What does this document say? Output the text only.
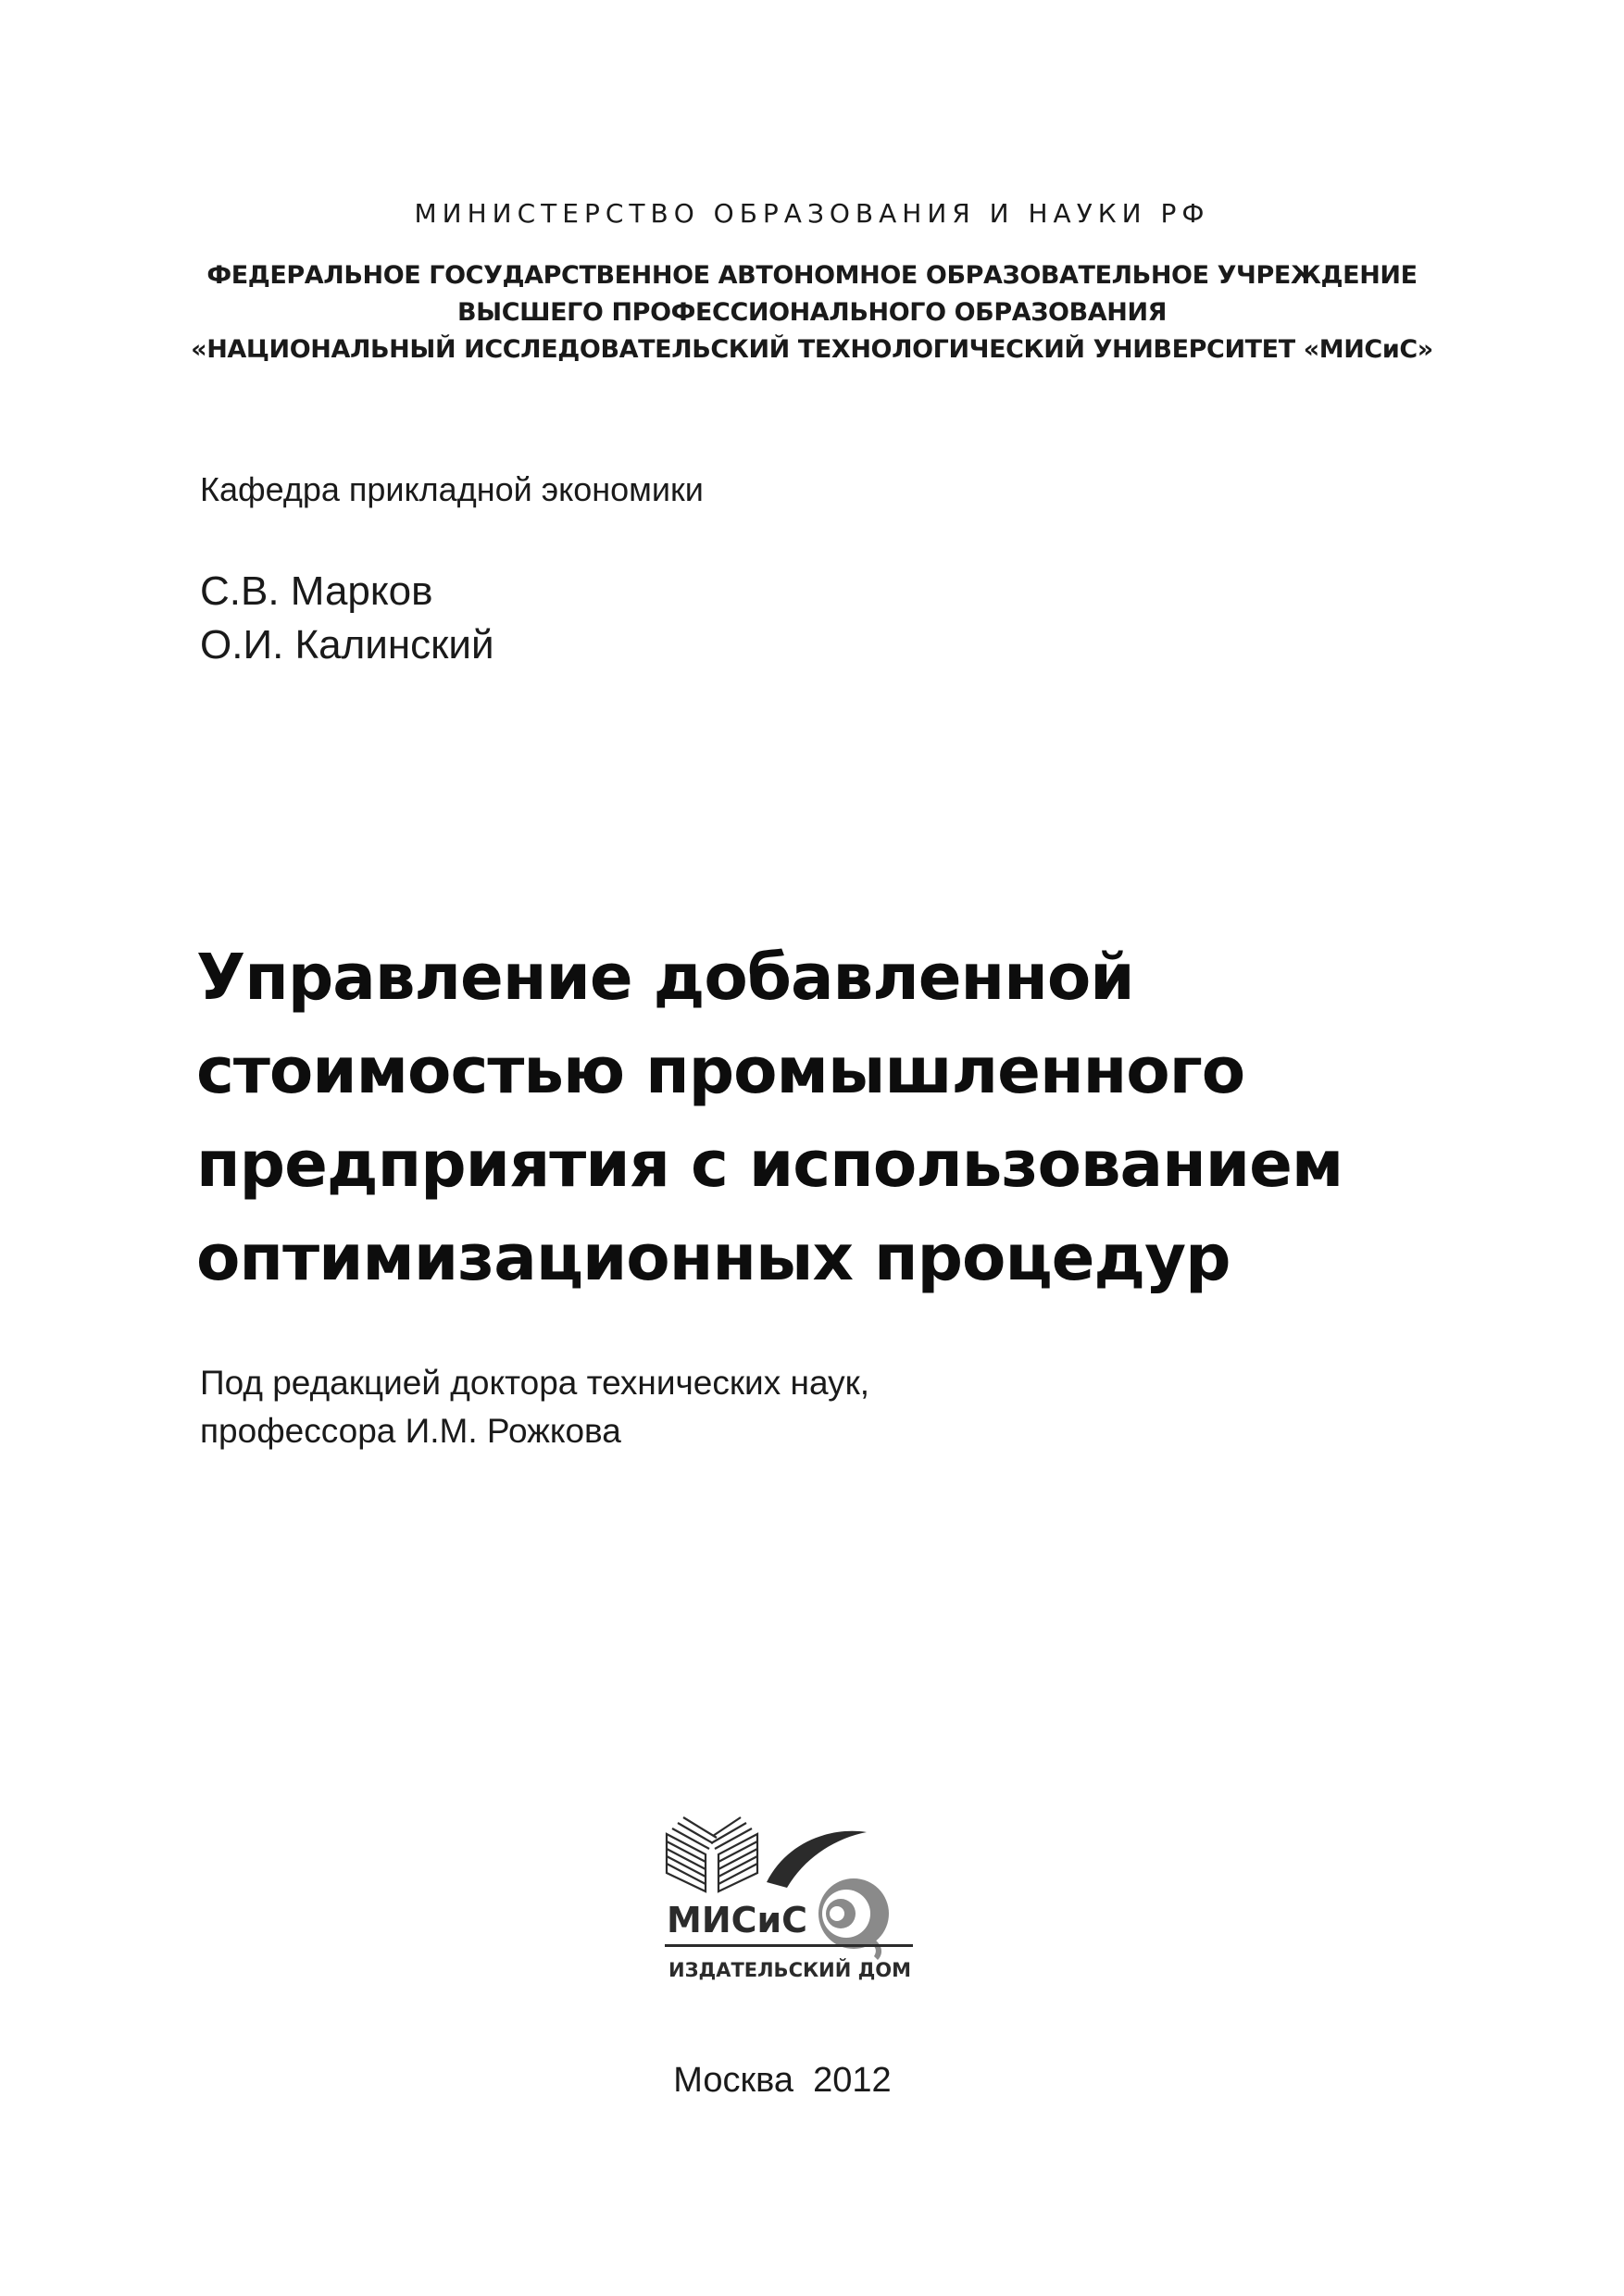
МИНИСТЕРСТВО ОБРАЗОВАНИЯ И НАУКИ РФ
ФЕДЕРАЛЬНОЕ ГОСУДАРСТВЕННОЕ АВТОНОМНОЕ ОБРАЗОВАТЕЛЬНОЕ УЧРЕЖДЕНИЕ
ВЫСШЕГО ПРОФЕССИОНАЛЬНОГО ОБРАЗОВАНИЯ
«НАЦИОНАЛЬНЫЙ ИССЛЕДОВАТЕЛЬСКИЙ ТЕХНОЛОГИЧЕСКИЙ УНИВЕРСИТЕТ «МИСиС»
Кафедра прикладной экономики
С.В. Марков
О.И. Калинский
Управление добавленной
стоимостью промышленного
предприятия с использованием
оптимизационных процедур
Под редакцией доктора технических наук,
профессора И.М. Рожкова
МИСиС
ИЗДАТЕЛЬСКИЙ ДОМ
Москва  2012
